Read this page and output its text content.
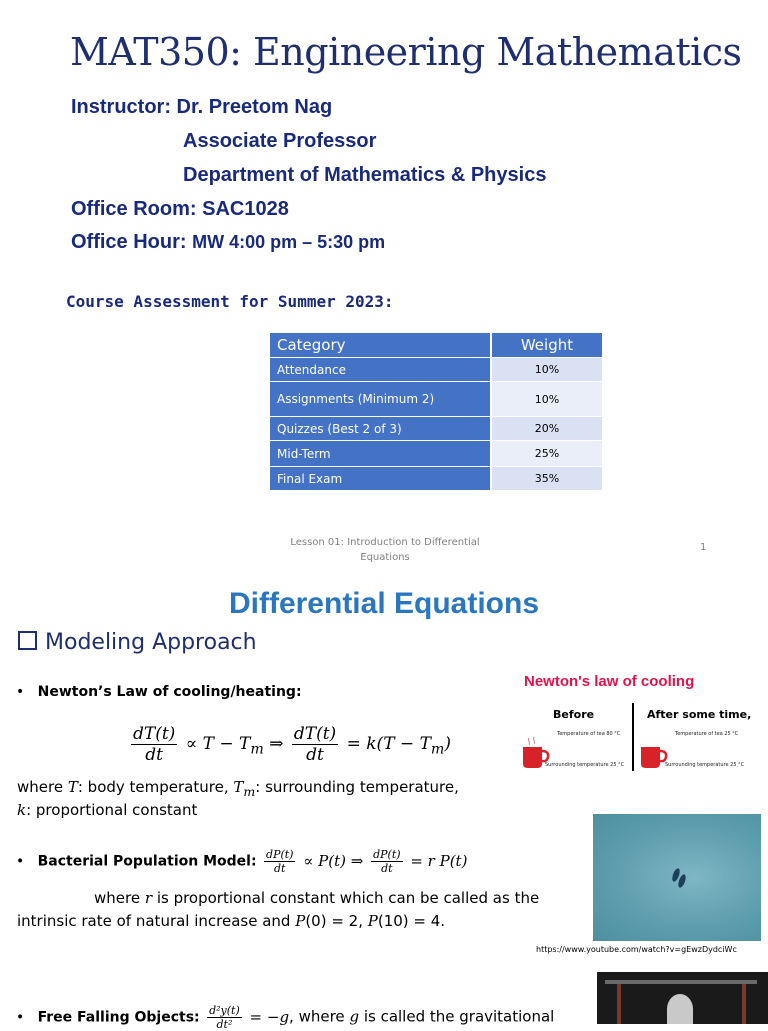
MAT350: Engineering Mathematics
Instructor: Dr. Preetom Nag
Associate Professor
Department of Mathematics & Physics
Office Room: SAC1028
Office Hour: MW 4:00 pm – 5:30 pm
Course Assessment for Summer 2023:
Category	Weight
Attendance	10%
Assignments (Minimum 2)	10%
Quizzes (Best 2 of 3)	20%
Mid-Term	25%
Final Exam	35%
Lesson 01: Introduction to Differential
Equations
1
Differential Equations
Modeling Approach
•   Newton’s Law of cooling/heating:
$\frac{dT(t)}{dt} \propto T - T_m$ ⇒ $\frac{dT(t)}{dt} = k(T - T_m)$
where T: body temperature, $T_m$: surrounding temperature,
k: proportional constant
•   Bacterial Population Model: $\frac{dP(t)}{dt} \propto P(t)$ ⇒ $\frac{dP(t)}{dt} = r$ P(t)
where r is proportional constant which can be called as the
intrinsic rate of natural increase and P(0) = 2, P(10) = 4.
•   Free Falling Objects: $\frac{\text{d²y(t)}}{\text{dt²}} = -g$, where g is called the gravitational
Newton's law of cooling
Before	After some time,
Temperature of tea 80 °C
Surrounding temperature 25 °C
Temperature of tea 25 °C
Surrounding temperature 25 °C
https://www.youtube.com/watch?v=gEwzDydciWc
